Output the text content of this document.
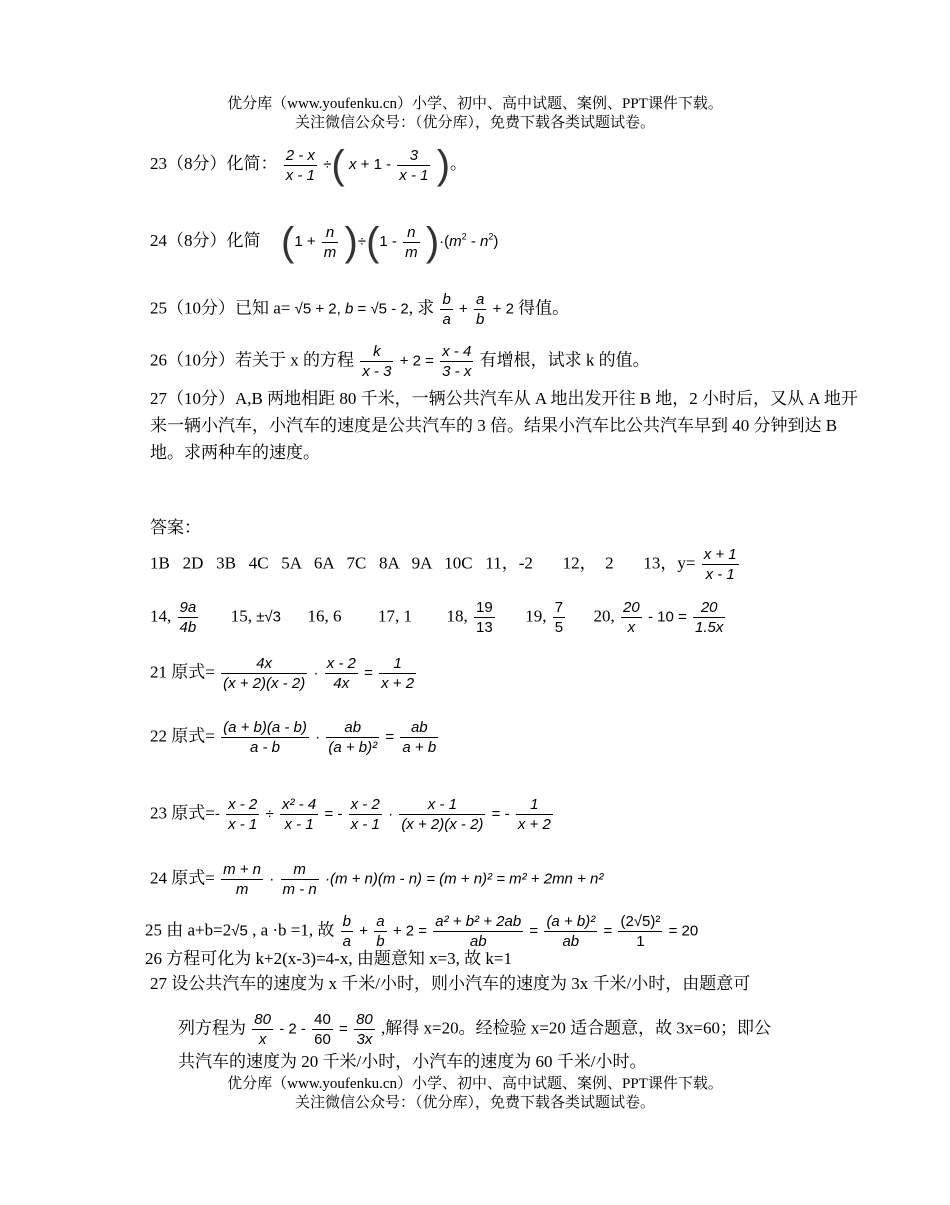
优分库（www.youfenku.cn）小学、初中、高中试题、案例、PPT课件下载。
关注微信公众号：（优分库），免费下载各类试题试卷。
23（8分）化简： $\frac{2 - x}{x - 1}$ ÷( $x + 1 - \frac{3}{x - 1}$ )。
24（8分）化简 $(1 + \frac{n}{m} )\div(1 - \frac{n}{m} )\cdot(m^2 - n^2)$
25（10分）已知 a= √5 + 2, b = √5 - 2, 求 $\frac{b}{a} + \frac{a}{b} + 2$ 得值。
26（10分）若关于 x 的方程 $\frac{k}{x - 3} + 2 = \frac{x - 4}{3 - x}$ 有增根，试求 k 的值。
27（10分）A,B 两地相距 80 千米，一辆公共汽车从 A 地出发开往 B 地，2 小时后，又从 A 地开来一辆小汽车，小汽车的速度是公共汽车的 3 倍。结果小汽车比公共汽车早到 40 分钟到达 B 地。求两种车的速度。
答案：
1B   2D   3B   4C   5A   6A   7C   8A   9A   10C   11，-2       12，  2       13，$y= \frac{x + 1}{x - 1}$
14, $\frac{9a}{4b} 15$, ±√3 16, 6 17, 1 18, $\frac{19}{13} 19$, $\frac{7}{5} 20$, $\frac{20}{x} - 10 = \frac{20}{1.5x}$
21 原式= $\frac{4x}{(x + 2)(x - 2)} \cdot \frac{x - 2}{4x} = \frac{1}{x + 2}$
22 原式= $\frac{(a + b)(a - b)}{a - b} \cdot \frac{ab}{\text{(a + b)²}} = \frac{ab}{a + b}$
23 原式=- $\frac{x - 2}{x - 1} \div \frac{\text{x² - 4}}{x - 1}$ = - $\frac{x - 2}{x - 1} \cdot \frac{x - 1}{(x + 2)(x - 2)}$ = - $\frac{1}{x + 2}$
24 原式= $\frac{m + n}{m} \cdot \frac{m}{m - n} \cdot(m + n)(m - n) = (m + n)^2 = m^2 + 2mn + n^2$
25 由 a+b=2√5 , a ·b =1, 故 $\frac{b}{a} + \frac{a}{b} + 2 = \frac{\text{a² + b² + 2ab}}{ab} = \frac{\text{(a + b)²}}{ab} = \frac{\text{(2√5)²}}{1} = 20$
26 方程可化为 k+2(x-3)=4-x, 由题意知 x=3, 故 k=1
27 设公共汽车的速度为 x 千米/小时，则小汽车的速度为 3x 千米/小时，由题意可
列方程为 $\frac{80}{x} - 2 - \frac{40}{60} = \frac{80}{3x}$ ,解得 x=20。经检验 x=20 适合题意，故 3x=60；即公
共汽车的速度为 20 千米/小时，小汽车的速度为 60 千米/小时。
优分库（www.youfenku.cn）小学、初中、高中试题、案例、PPT课件下载。
关注微信公众号：（优分库），免费下载各类试题试卷。
